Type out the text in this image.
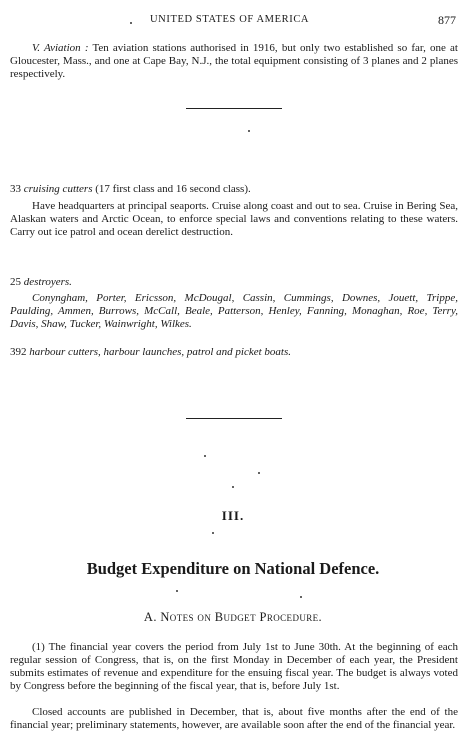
UNITED STATES OF AMERICA	877

V. Aviation : Ten aviation stations authorised in 1916, but only two established so far, one at Gloucester, Mass., and one at Cape Bay, N.J., the total equipment consisting of 3 planes and 2 planes respectively.

33 cruising cutters (17 first class and 16 second class).

Have headquarters at principal seaports. Cruise along coast and out to sea. Cruise in Bering Sea, Alaskan waters and Arctic Ocean, to enforce special laws and conventions relating to these waters. Carry out ice patrol and ocean derelict destruction.

25 destroyers.

Conyngham, Porter, Ericsson, McDougal, Cassin, Cummings, Downes, Jouett, Trippe, Paulding, Ammen, Burrows, McCall, Beale, Patterson, Henley, Fanning, Monaghan, Roe, Terry, Davis, Shaw, Tucker, Wainwright, Wilkes.

392 harbour cutters, harbour launches, patrol and picket boats.

III.
Budget Expenditure on National Defence.
A. Notes on Budget Procedure.

(1) The financial year covers the period from July 1st to June 30th. At the beginning of each regular session of Congress, that is, on the first Monday in December of each year, the President submits estimates of revenue and expenditure for the ensuing fiscal year. The budget is always voted by Congress before the beginning of the fiscal year, that is, before July 1st.

Closed accounts are published in December, that is, about five months after the end of the financial year; preliminary statements, however, are available soon after the end of the financial year.
